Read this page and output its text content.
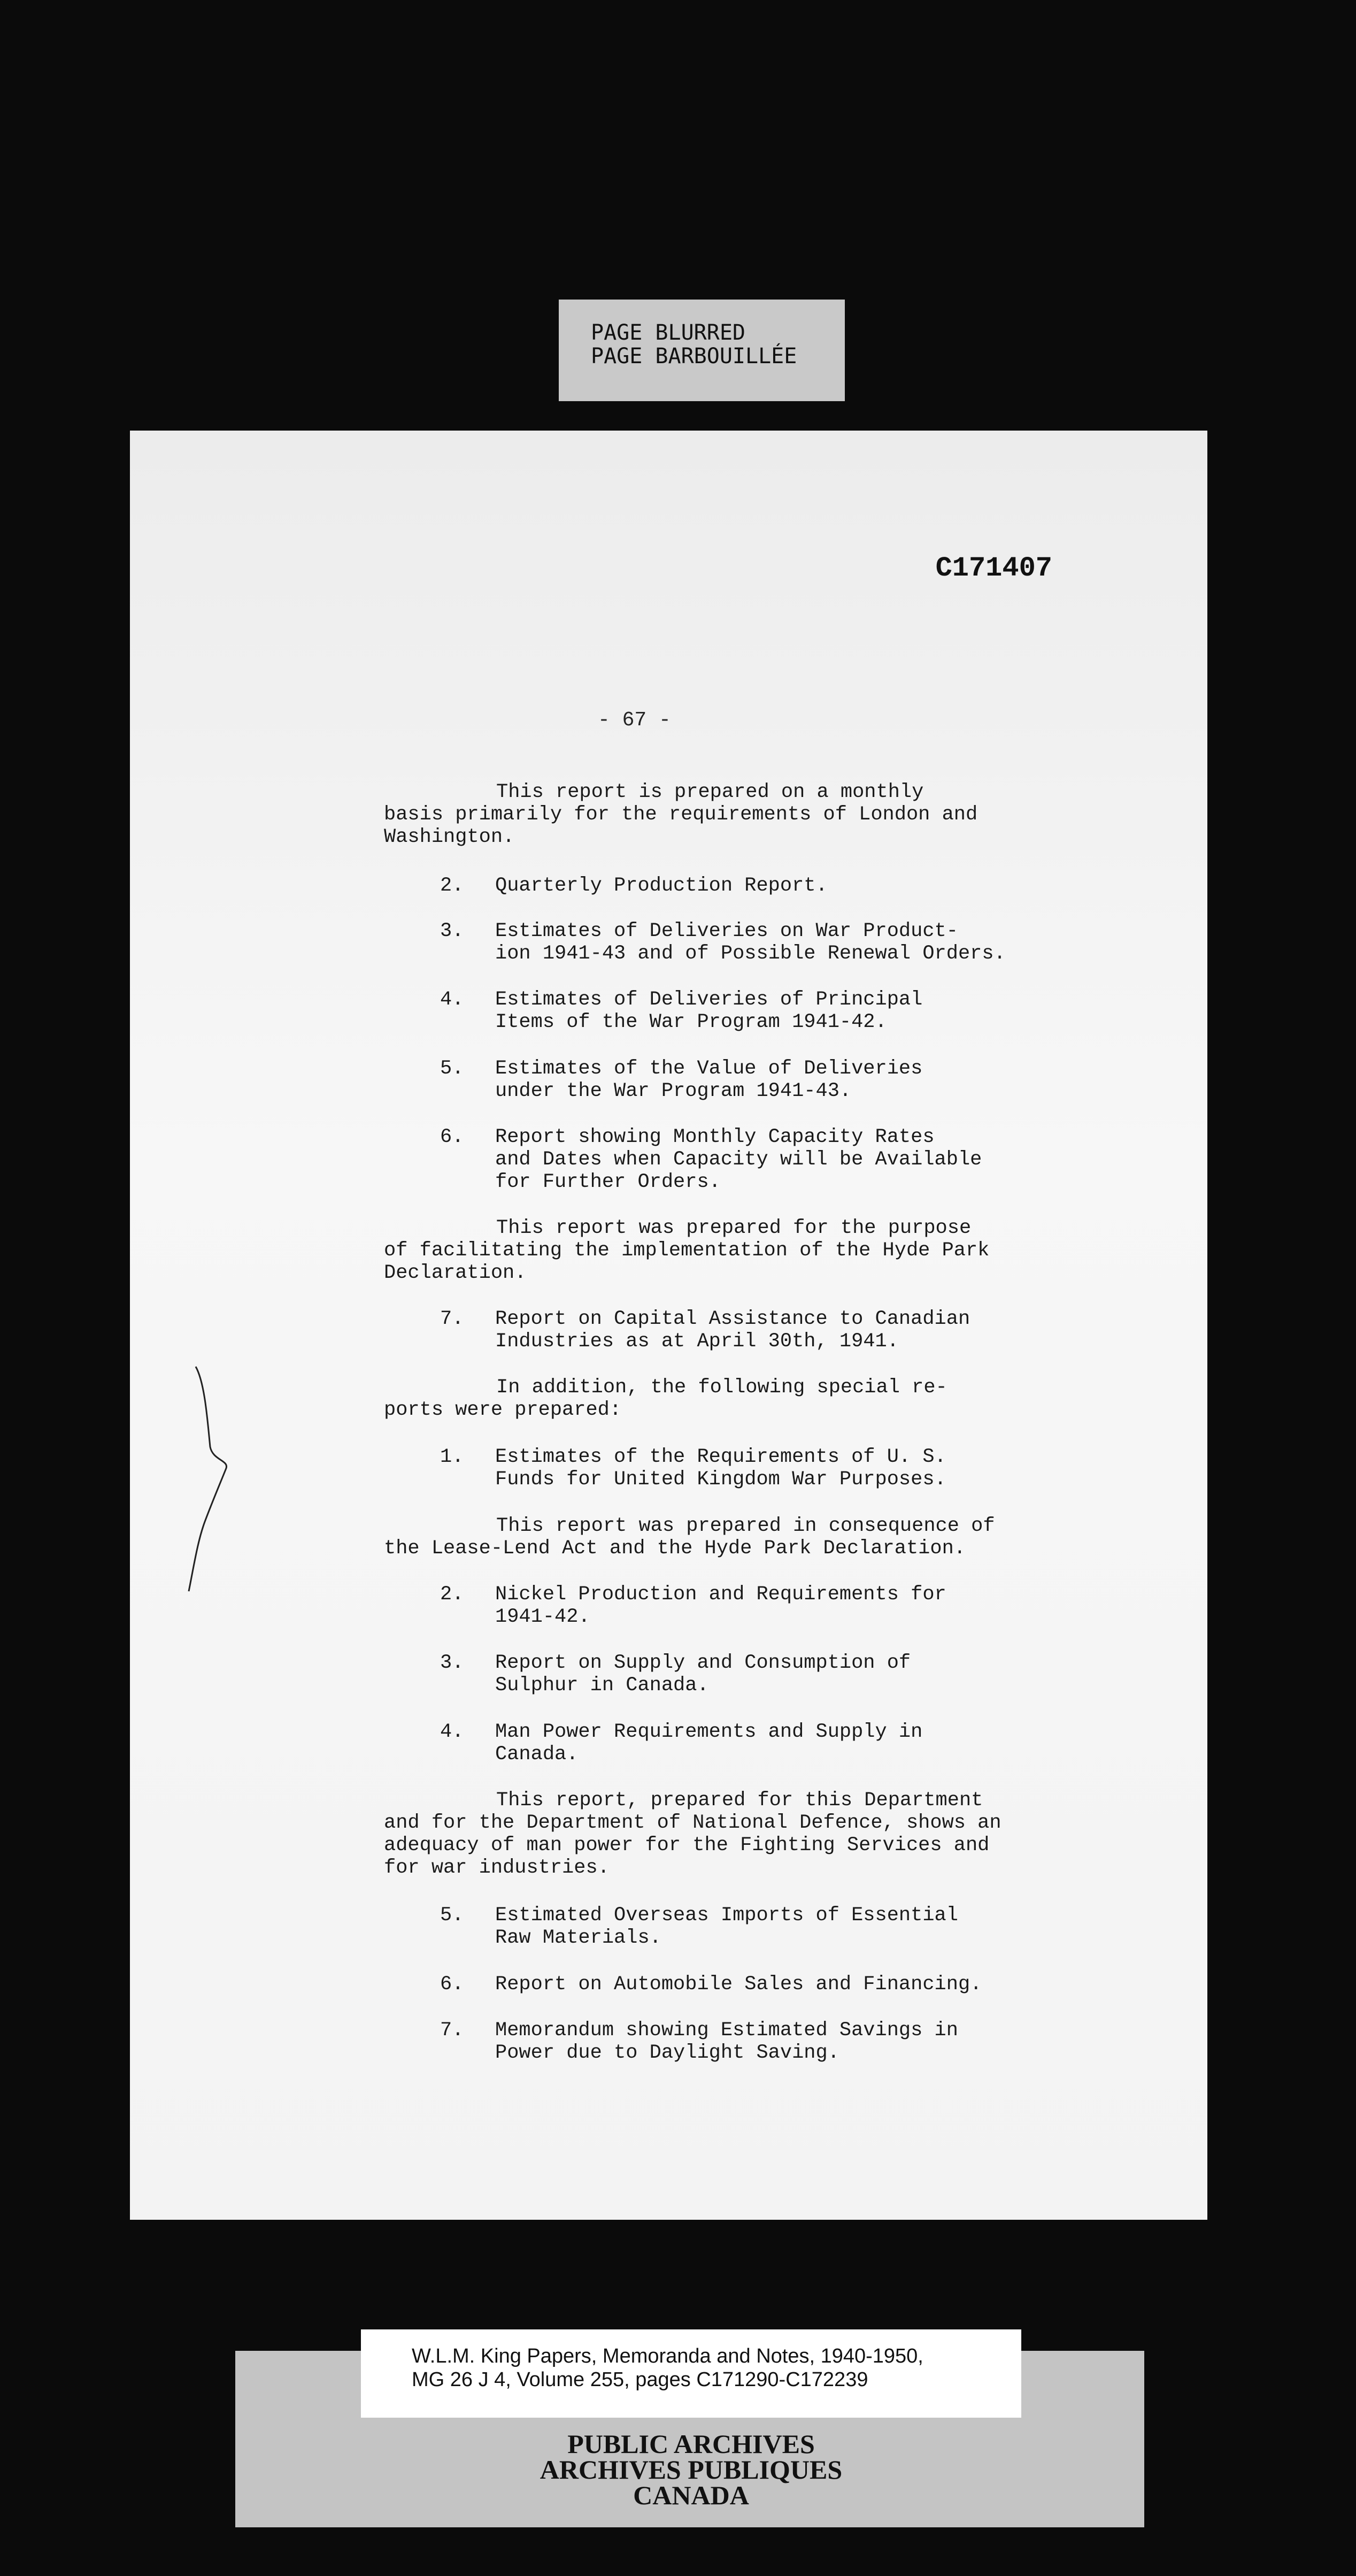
PAGE BLURRED
PAGE BARBOUILLÉE
C171407
- 67 -
This report is prepared on a monthly
basis primarily for the requirements of London and
Washington.
2. Quarterly Production Report.
3. Estimates of Deliveries on War Product-
ion 1941-43 and of Possible Renewal Orders.
4. Estimates of Deliveries of Principal
Items of the War Program 1941-42.
5. Estimates of the Value of Deliveries
under the War Program 1941-43.
6. Report showing Monthly Capacity Rates
and Dates when Capacity will be Available
for Further Orders.
This report was prepared for the purpose
of facilitating the implementation of the Hyde Park
Declaration.
7. Report on Capital Assistance to Canadian
Industries as at April 30th, 1941.
In addition, the following special re-
ports were prepared:
1. Estimates of the Requirements of U. S.
Funds for United Kingdom War Purposes.
This report was prepared in consequence of
the Lease-Lend Act and the Hyde Park Declaration.
2. Nickel Production and Requirements for
1941-42.
3. Report on Supply and Consumption of
Sulphur in Canada.
4. Man Power Requirements and Supply in
Canada.
This report, prepared for this Department
and for the Department of National Defence, shows an
adequacy of man power for the Fighting Services and
for war industries.
5. Estimated Overseas Imports of Essential
Raw Materials.
6. Report on Automobile Sales and Financing.
7. Memorandum showing Estimated Savings in
Power due to Daylight Saving.
W.L.M. King Papers, Memoranda and Notes, 1940-1950,
MG 26 J 4, Volume 255, pages C171290-C172239
PUBLIC ARCHIVES
ARCHIVES PUBLIQUES
CANADA
